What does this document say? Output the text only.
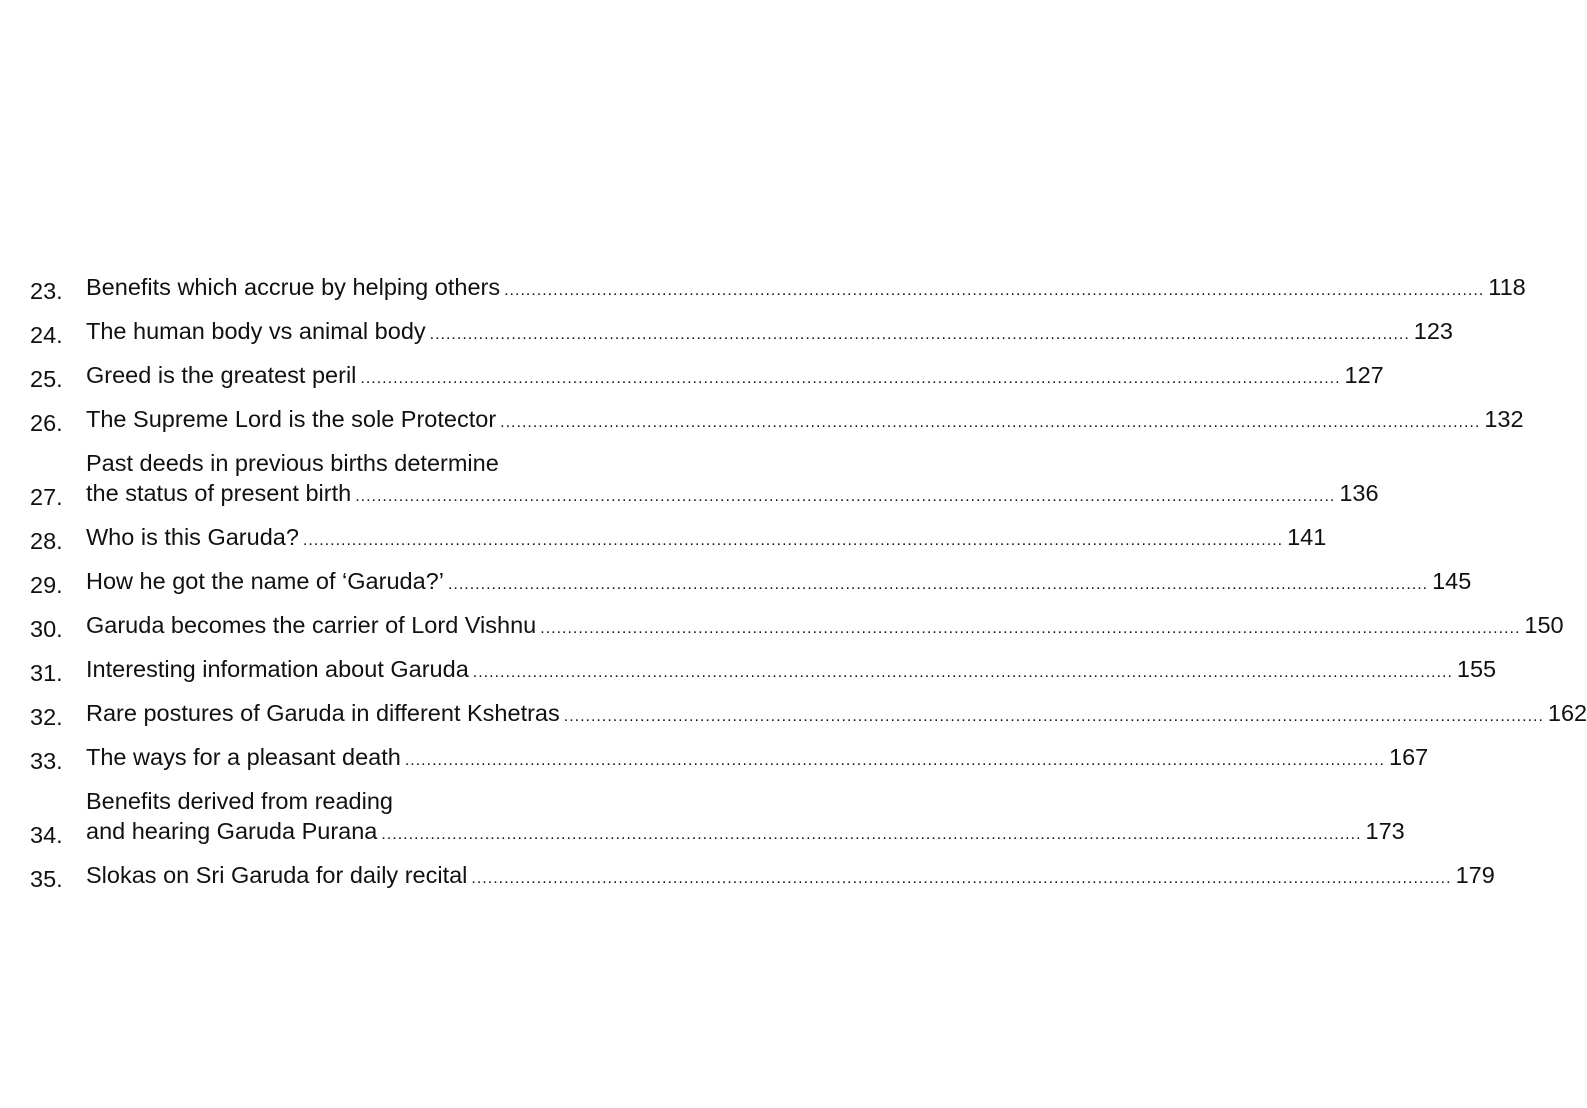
23. Benefits which accrue by helping others .....	118
24. The human body vs animal body .....	123
25. Greed is the greatest peril .....	127
26. The Supreme Lord is the sole Protector .....	132
27.
Past deeds in previous births determine
the status of present birth .....	136
28. Who is this Garuda? .....	141
29. How he got the name of ‘Garuda?’ .....	145
30. Garuda becomes the carrier of Lord Vishnu .....	150
31. Interesting information about Garuda .....	155
32. Rare postures of Garuda in different Kshetras .....	162
33. The ways for a pleasant death .....	167
34.
Benefits derived from reading
and hearing Garuda Purana .....	173
35. Slokas on Sri Garuda for daily recital .....	179
